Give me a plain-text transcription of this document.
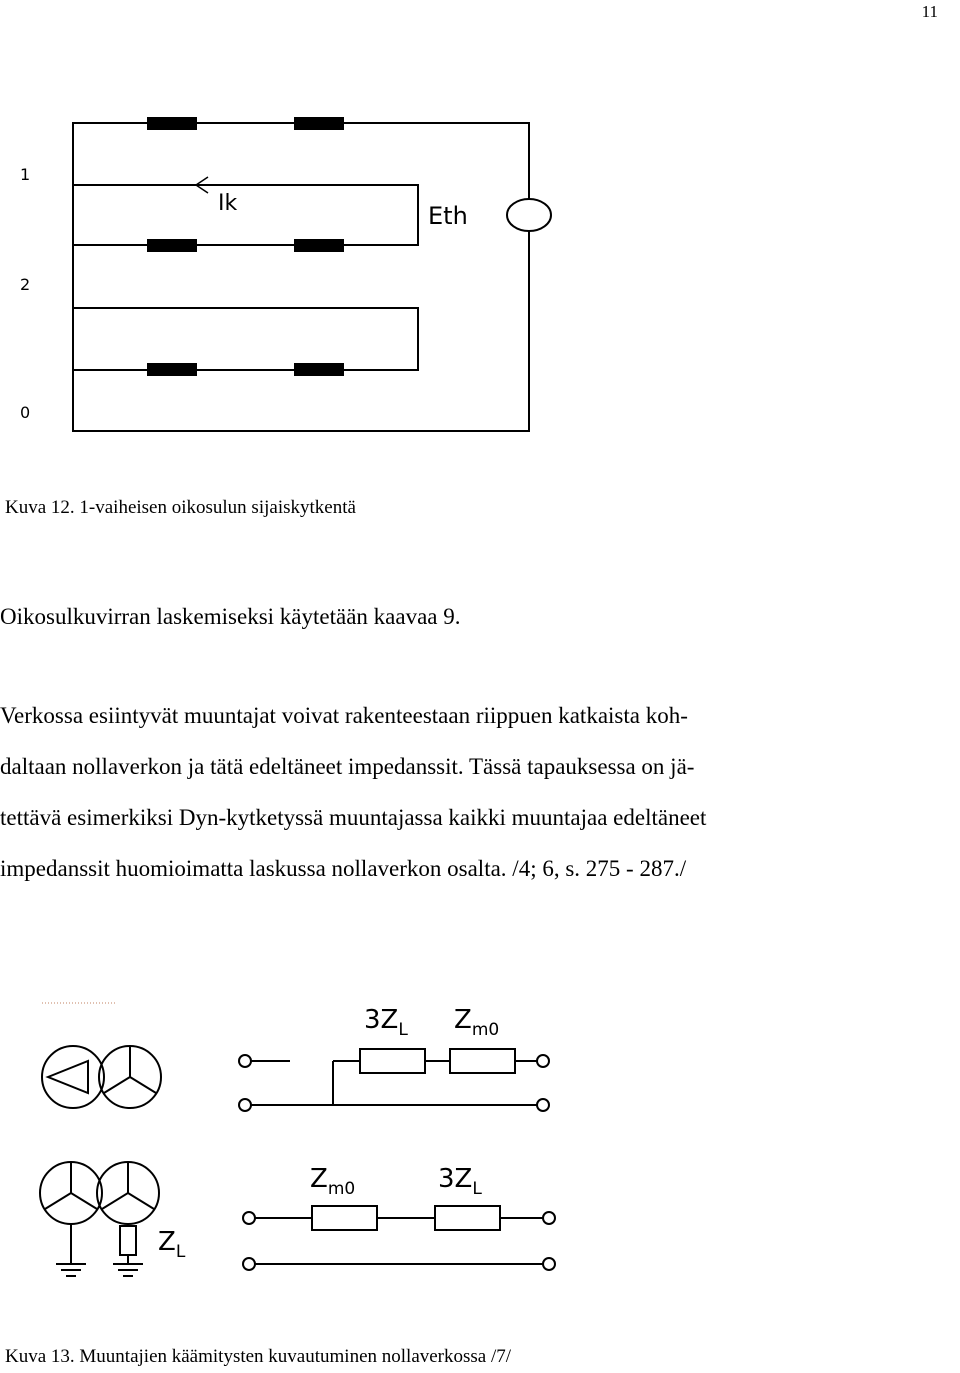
11
1
2
0
Ik	Eth
Kuva 12. 1-vaiheisen oikosulun sijaiskytkentä
Oikosulkuvirran laskemiseksi käytetään kaavaa 9.
Verkossa esiintyvät muuntajat voivat rakenteestaan riippuen katkaista koh-
daltaan nollaverkon ja tätä edeltäneet impedanssit. Tässä tapauksessa on jä-
tettävä esimerkiksi Dyn-kytketyssä muuntajassa kaikki muuntajaa edeltäneet
impedanssit huomioimatta laskussa nollaverkon osalta. /4; 6, s. 275 - 287./
$3Z_L$ $Z_{m0}$
$Z_L$
$Z_{m0}$	$3Z_L$
Kuva 13. Muuntajien käämitysten kuvautuminen nollaverkossa /7/
